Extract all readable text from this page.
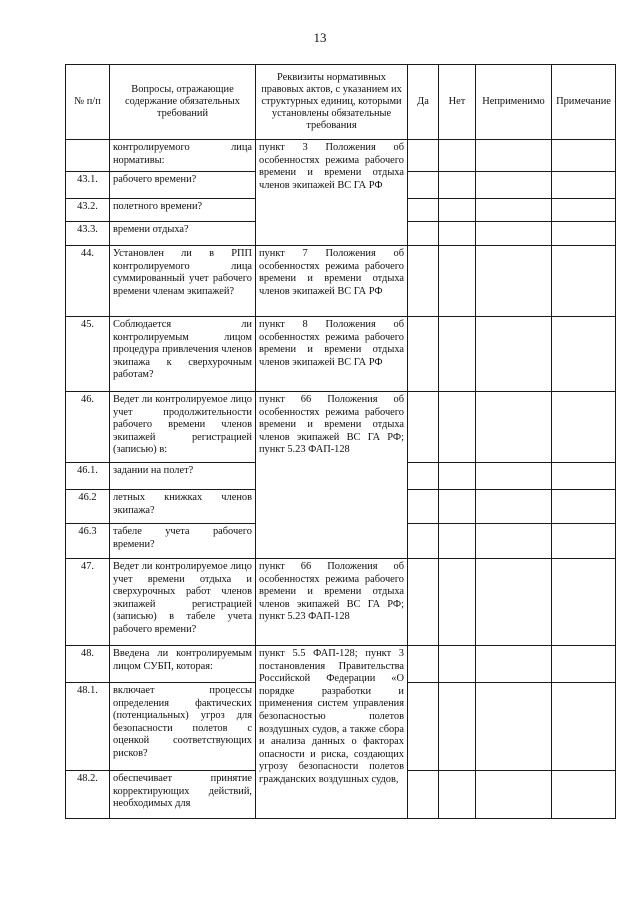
13
№ п/п	Вопросы, отражающие содержание обязательных требований	Реквизиты нормативных правовых актов, с указанием их структурных единиц, которыми установлены обязательные требования	Да	Нет	Неприменимо	Примечание
	контролируемого лица нормативы:	пункт 3 Положения об особенностях режима рабочего времени и времени отдыха членов экипажей ВС ГА РФ				
43.1.	рабочего времени?					
43.2.	полетного времени?					
43.3.	времени отдыха?					
44.	Установлен ли в РПП контролируемого лица суммированный учет рабочего времени членам экипажей?	пункт 7 Положения об особенностях режима рабочего времени и времени отдыха членов экипажей ВС ГА РФ				
45.	Соблюдается ли контролируемым лицом процедура привлечения членов экипажа к сверхурочным работам?	пункт 8 Положения об особенностях режима рабочего времени и времени отдыха членов экипажей ВС ГА РФ				
46.	Ведет ли контролируемое лицо учет продолжительности рабочего времени членов экипажей регистрацией (записью) в:	пункт 66 Положения об особенностях режима рабочего времени и времени отдыха членов экипажей ВС ГА РФ; пункт 5.23 ФАП-128				
46.1.	задании на полет?					
46.2	летных книжках членов экипажа?					
46.3	табеле учета рабочего времени?					
47.	Ведет ли контролируемое лицо учет времени отдыха и сверхурочных работ членов экипажей регистрацией (записью) в табеле учета рабочего времени?	пункт 66 Положения об особенностях режима рабочего времени и времени отдыха членов экипажей ВС ГА РФ; пункт 5.23 ФАП-128				
48.	Введена ли контролируемым лицом СУБП, которая:	пункт 5.5 ФАП-128; пункт 3 постановления Правительства Российской Федерации «О порядке разработки и применения систем управления безопасностью полетов воздушных судов, а также сбора и анализа данных о факторах опасности и риска, создающих угрозу безопасности полетов гражданских воздушных судов,				
48.1.	включает процессы определения фактических (потенциальных) угроз для безопасности полетов с оценкой соответствующих рисков?					
48.2.	обеспечивает принятие корректирующих действий, необходимых для					
